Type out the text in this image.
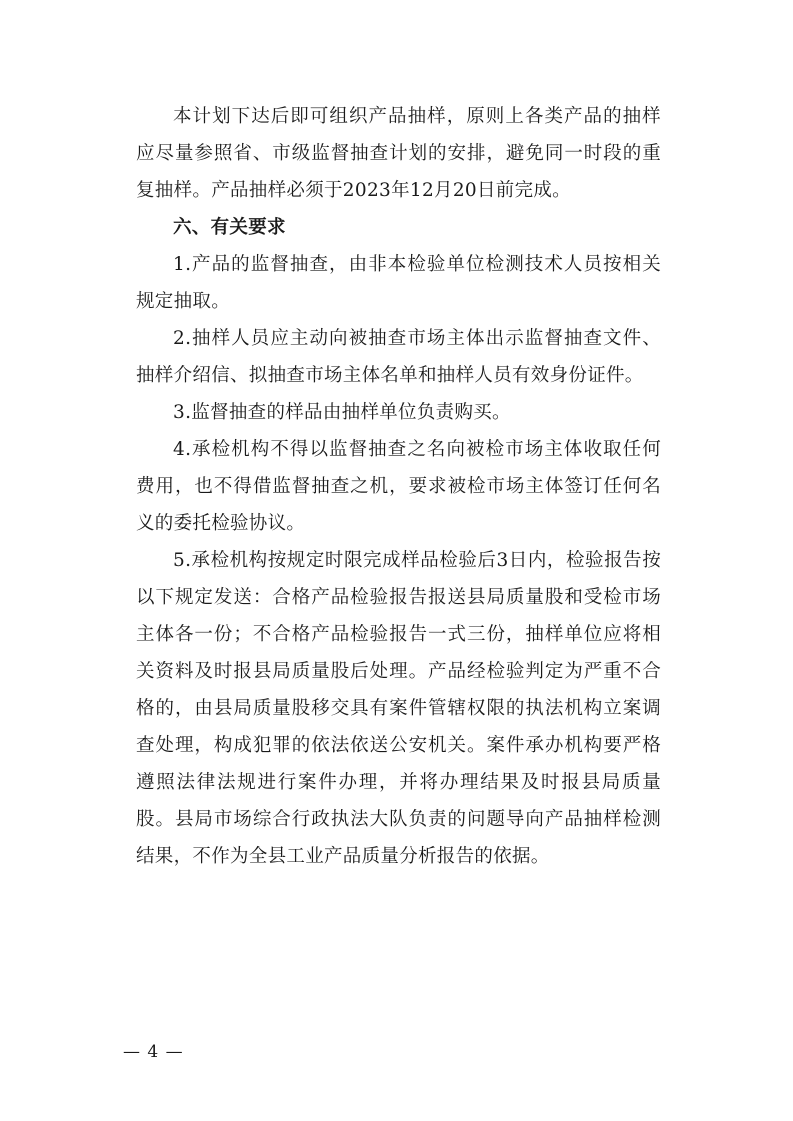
本计划下达后即可组织产品抽样，原则上各类产品的抽样应尽量参照省、市级监督抽查计划的安排，避免同一时段的重复抽样。产品抽样必须于2023年12月20日前完成。

六、有关要求

1.产品的监督抽查，由非本检验单位检测技术人员按相关规定抽取。

2.抽样人员应主动向被抽查市场主体出示监督抽查文件、抽样介绍信、拟抽查市场主体名单和抽样人员有效身份证件。

3.监督抽查的样品由抽样单位负责购买。

4.承检机构不得以监督抽查之名向被检市场主体收取任何费用，也不得借监督抽查之机，要求被检市场主体签订任何名义的委托检验协议。

5.承检机构按规定时限完成样品检验后3日内，检验报告按以下规定发送：合格产品检验报告报送县局质量股和受检市场主体各一份；不合格产品检验报告一式三份，抽样单位应将相关资料及时报县局质量股后处理。产品经检验判定为严重不合格的，由县局质量股移交具有案件管辖权限的执法机构立案调查处理，构成犯罪的依法依送公安机关。案件承办机构要严格遵照法律法规进行案件办理，并将办理结果及时报县局质量股。县局市场综合行政执法大队负责的问题导向产品抽样检测结果，不作为全县工业产品质量分析报告的依据。

— 4 —
